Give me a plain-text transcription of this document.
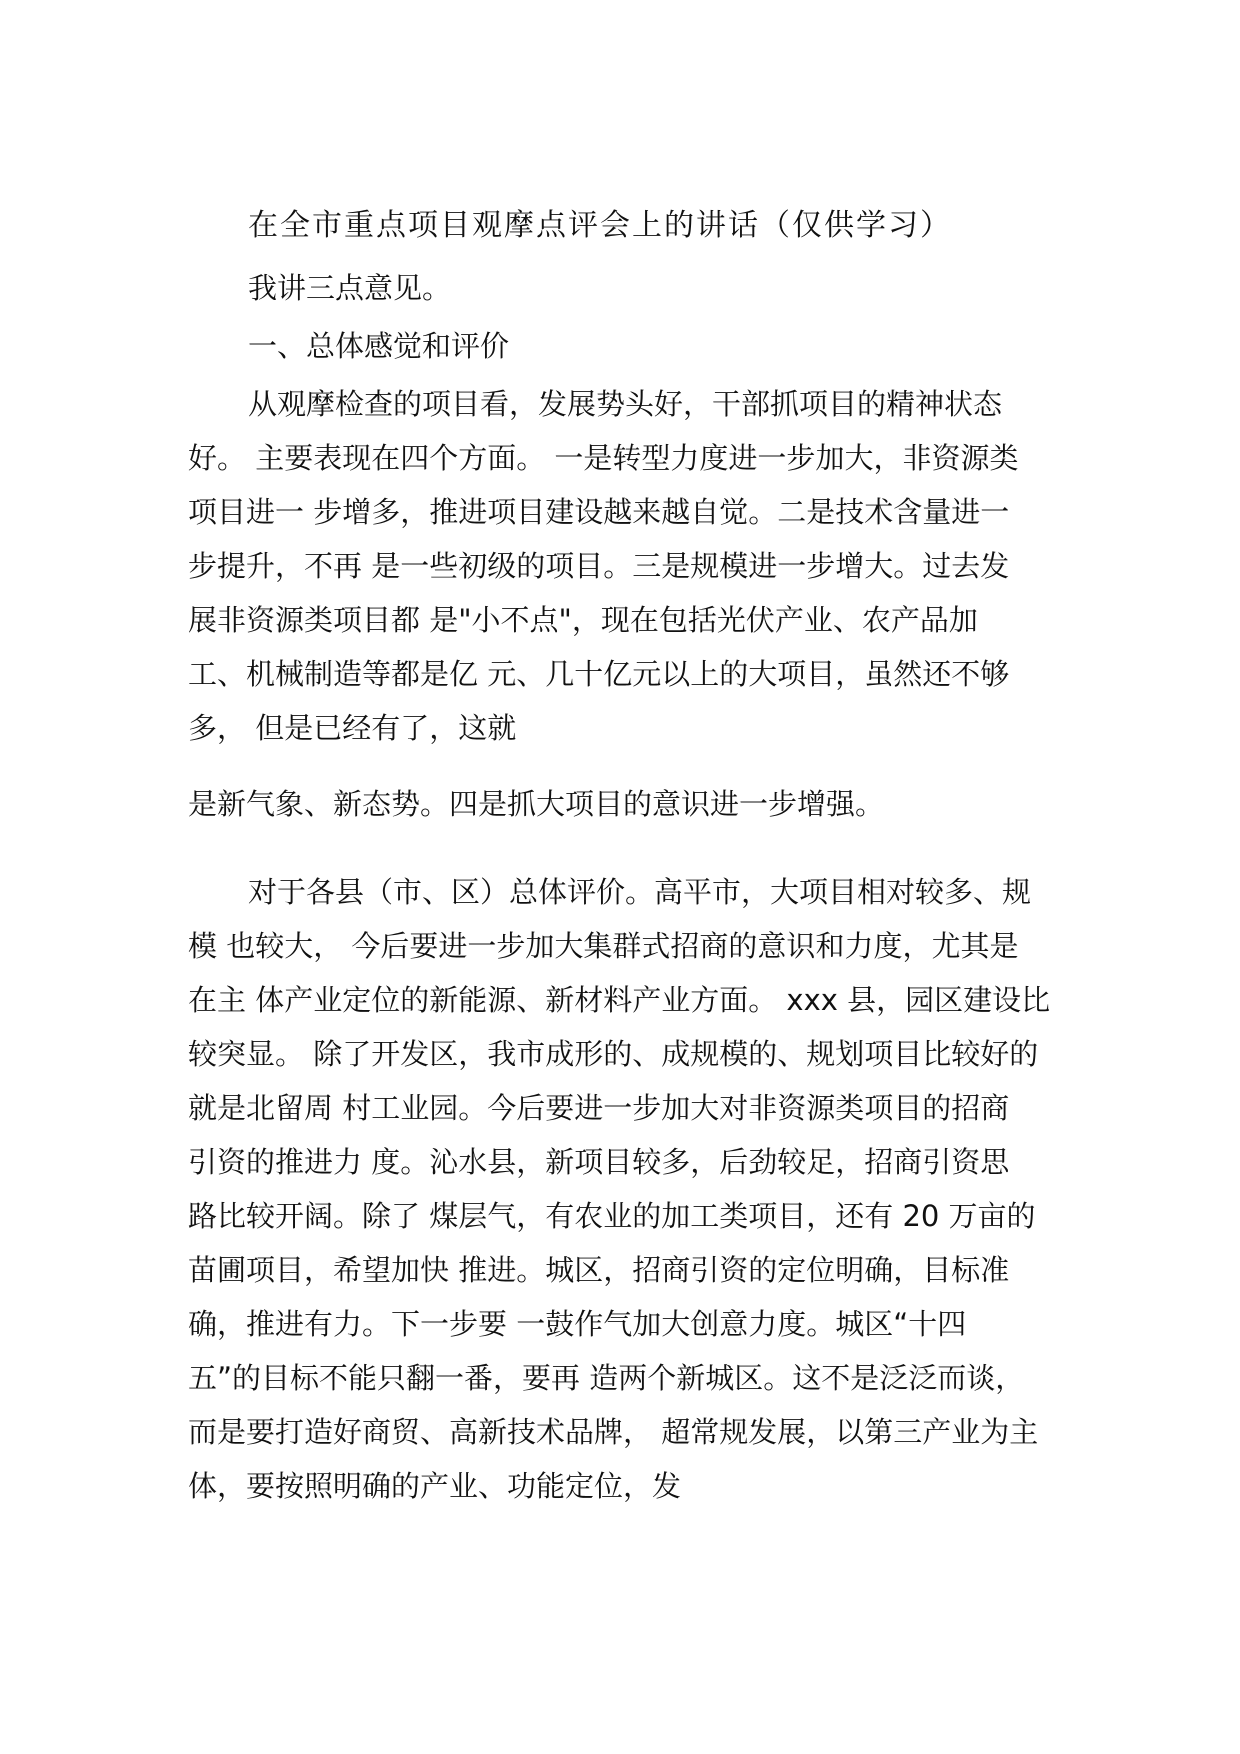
在全市重点项目观摩点评会上的讲话（仅供学习）
我讲三点意见。
一、总体感觉和评价
从观摩检查的项目看，发展势头好，干部抓项目的精神状态
好。 主要表现在四个方面。 一是转型力度进一步加大，非资源类
项目进一 步增多，推进项目建设越来越自觉。二是技术含量进一
步提升，不再 是一些初级的项目。三是规模进一步增大。过去发
展非资源类项目都 是"小不点"，现在包括光伏产业、农产品加
工、机械制造等都是亿 元、几十亿元以上的大项目，虽然还不够
多， 但是已经有了，这就
是新气象、新态势。四是抓大项目的意识进一步增强。
对于各县（市、区）总体评价。高平市，大项目相对较多、规
模 也较大， 今后要进一步加大集群式招商的意识和力度，尤其是
在主 体产业定位的新能源、新材料产业方面。 xxx 县，园区建设比
较突显。 除了开发区，我市成形的、成规模的、规划项目比较好的
就是北留周 村工业园。今后要进一步加大对非资源类项目的招商
引资的推进力 度。沁水县，新项目较多，后劲较足，招商引资思
路比较开阔。除了 煤层气，有农业的加工类项目，还有 20 万亩的
苗圃项目，希望加快 推进。城区，招商引资的定位明确，目标准
确，推进有力。下一步要 一鼓作气加大创意力度。城区“十四
五”的目标不能只翻一番，要再 造两个新城区。这不是泛泛而谈，
而是要打造好商贸、高新技术品牌， 超常规发展，以第三产业为主
体，要按照明确的产业、功能定位，发
